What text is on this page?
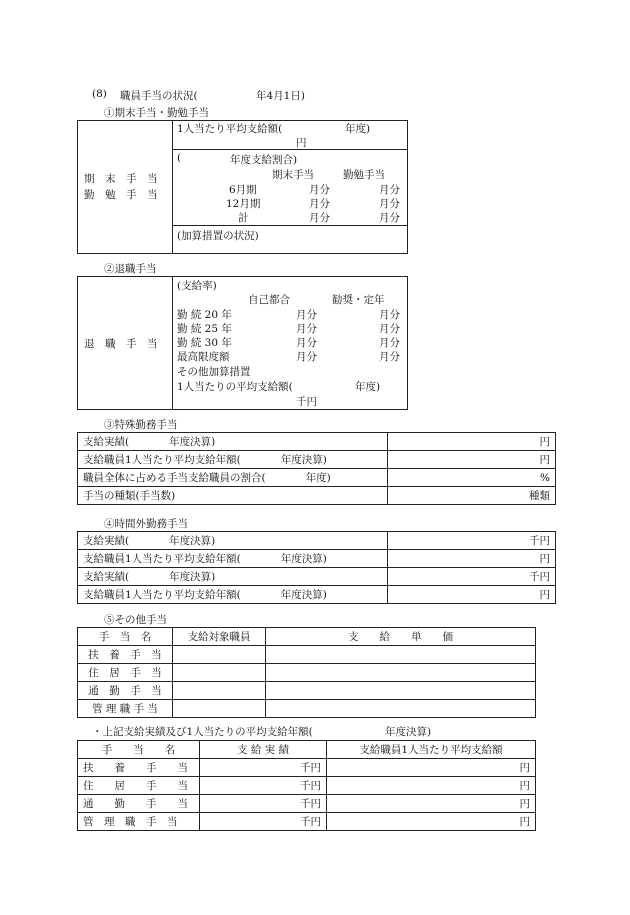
(8) 職員手当の状況(	年4月1日)
①期末手当・勤勉手当
期　末　手　当
勤　勉　手　当
1人当たり平均支給額(	年度)
円
(	年度支給割合)
期末手当	勤勉手当
6月期	月分	月分
12月期	月分	月分
計	月分	月分
(加算措置の状況)
②退職手当
退　職　手　当
(支給率)
自己都合	勧奨・定年
勤 続 20 年	月分	月分
勤 続 25 年	月分	月分
勤 続 30 年	月分	月分
最高限度額	月分	月分
その他加算措置
1人当たりの平均支給額(	年度)
千円
③特殊勤務手当
支給実績( 年度決算)	円
支給職員1人当たり平均支給年額( 年度決算)	円
職員全体に占める手当支給職員の割合( 年度)	%
手当の種類(手当数)	種類
④時間外勤務手当
支給実績( 年度決算)	千円
支給職員1人当たり平均支給年額( 年度決算)	円
支給実績( 年度決算)	千円
支給職員1人当たり平均支給年額( 年度決算)	円
⑤その他手当
手　当　名	支給対象職員	支　　給　　単　　価
扶　養　手　当		
住　居　手　当		
通　勤　手　当		
管 理 職 手 当		
・上記支給実績及び1人当たりの平均支給年額(	年度決算)
手　　当　　名	支 給 実 績	支給職員1人当たり平均支給額
扶　　養　　手　　当	千円	円
住　　居　　手　　当	千円	円
通　　勤　　手　　当	千円	円
管　理　職　手　当	千円	円
